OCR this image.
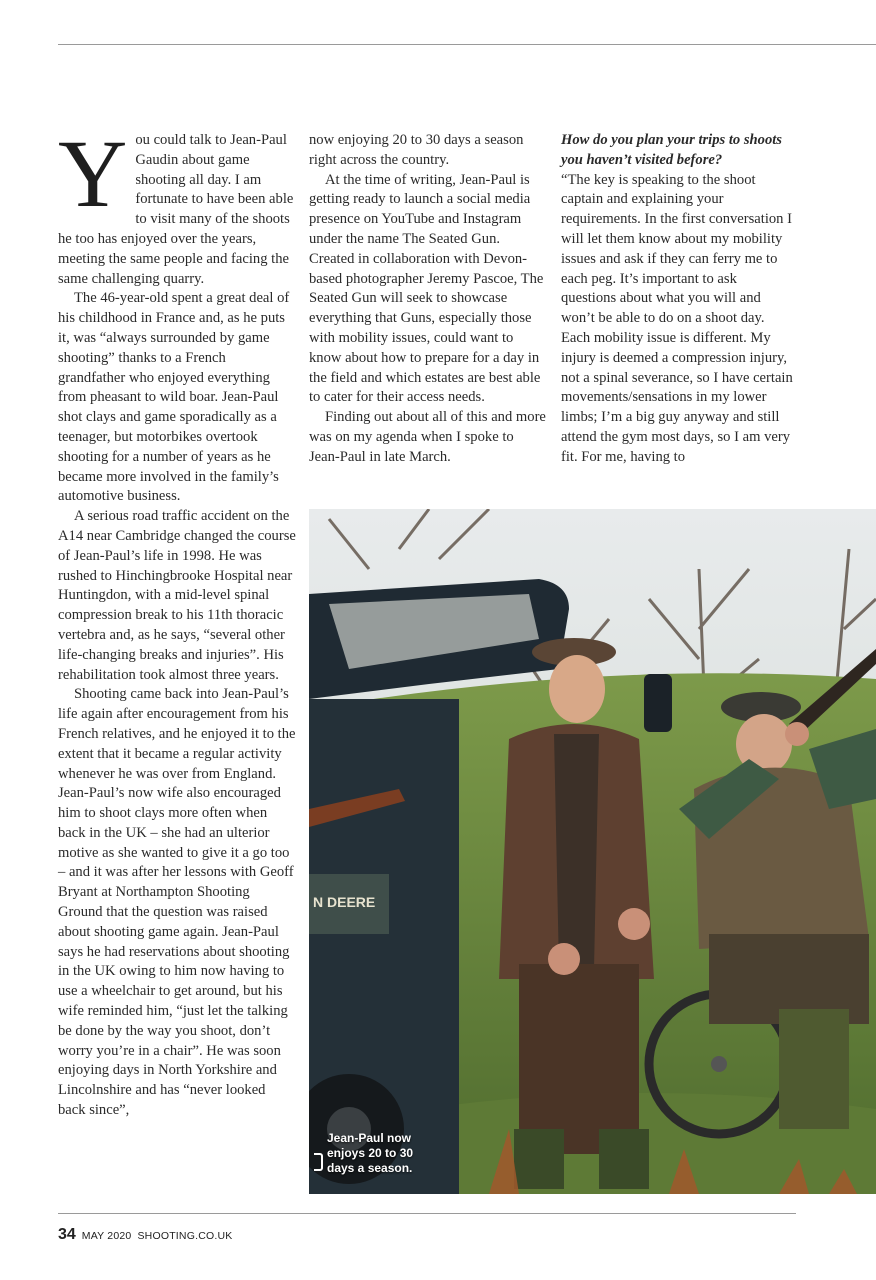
You could talk to Jean-Paul Gaudin about game shooting all day. I am fortunate to have been able to visit many of the shoots he too has enjoyed over the years, meeting the same people and facing the same challenging quarry.

The 46-year-old spent a great deal of his childhood in France and, as he puts it, was “always surrounded by game shooting” thanks to a French grandfather who enjoyed everything from pheasant to wild boar. Jean-Paul shot clays and game sporadically as a teenager, but motorbikes overtook shooting for a number of years as he became more involved in the family’s automotive business.

A serious road traffic accident on the A14 near Cambridge changed the course of Jean-Paul’s life in 1998. He was rushed to Hinchingbrooke Hospital near Huntingdon, with a mid-level spinal compression break to his 11th thoracic vertebra and, as he says, “several other life-changing breaks and injuries”. His rehabilitation took almost three years.

Shooting came back into Jean-Paul’s life again after encouragement from his French relatives, and he enjoyed it to the extent that it became a regular activity whenever he was over from England. Jean-Paul’s now wife also encouraged him to shoot clays more often when back in the UK – she had an ulterior motive as she wanted to give it a go too – and it was after her lessons with Geoff Bryant at Northampton Shooting Ground that the question was raised about shooting game again. Jean-Paul says he had reservations about shooting in the UK owing to him now having to use a wheelchair to get around, but his wife reminded him, “just let the talking be done by the way you shoot, don’t worry you’re in a chair”. He was soon enjoying days in North Yorkshire and Lincolnshire and has “never looked back since”,

now enjoying 20 to 30 days a season right across the country.

At the time of writing, Jean-Paul is getting ready to launch a social media presence on YouTube and Instagram under the name The Seated Gun. Created in collaboration with Devon-based photographer Jeremy Pascoe, The Seated Gun will seek to showcase everything that Guns, especially those with mobility issues, could want to know about how to prepare for a day in the field and which estates are best able to cater for their access needs.

Finding out about all of this and more was on my agenda when I spoke to Jean-Paul in late March.

How do you plan your trips to shoots you haven’t visited before?

“The key is speaking to the shoot captain and explaining your requirements. In the first conversation I will let them know about my mobility issues and ask if they can ferry me to each peg. It’s important to ask questions about what you will and won’t be able to do on a shoot day. Each mobility issue is different. My injury is deemed a compression injury, not a spinal severance, so I have certain movements/sensations in my lower limbs; I’m a big guy anyway and still attend the gym most days, so I am very fit. For me, having to

N DEERE
Jean-Paul now enjoys 20 to 30 days a season.
34 MAY 2020 SHOOTING.CO.UK
